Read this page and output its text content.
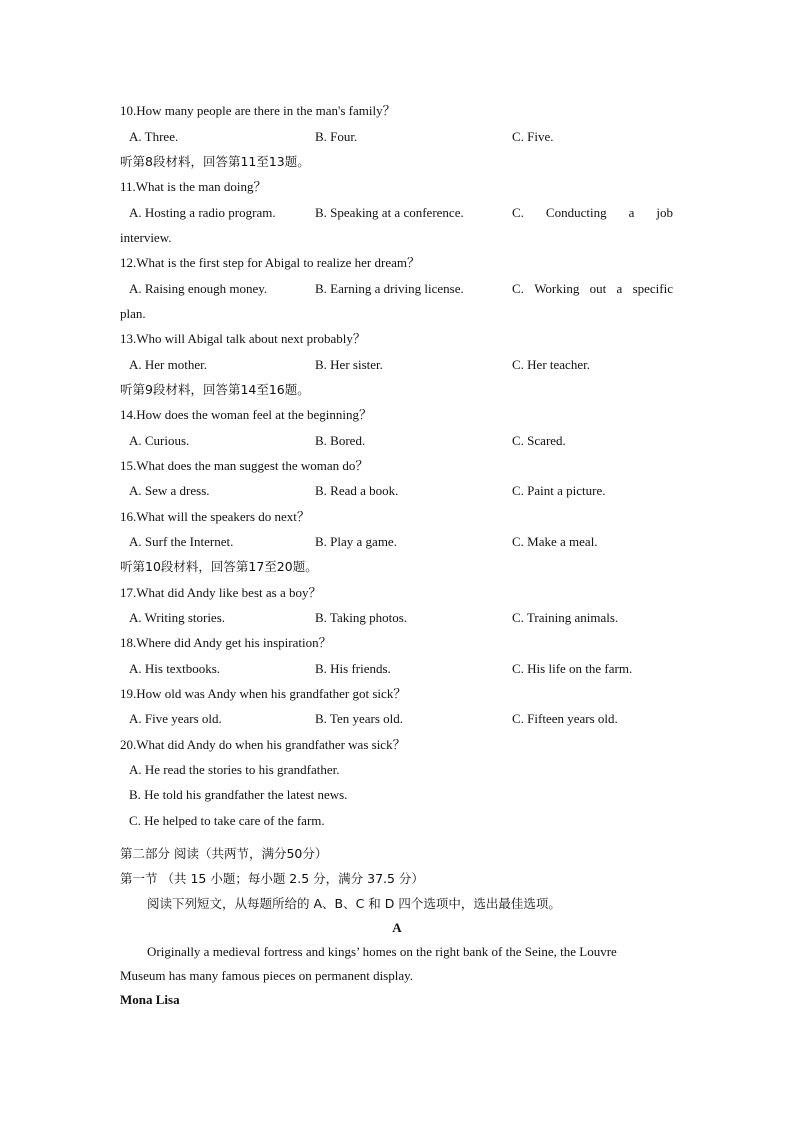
10.How many people are there in the man's family？
A. Three.	B. Four.	C. Five.
听第8段材料，回答第11至13题。
11.What is the man doing？
A. Hosting a radio program.	B. Speaking at a conference.	C. Conducting a job
interview.
12.What is the first step for Abigal to realize her dream？
A. Raising enough money.	B. Earning a driving license.	C. Working out a specific
plan.
13.Who will Abigal talk about next probably？
A. Her mother.	B. Her sister.	C. Her teacher.
听第9段材料，回答第14至16题。
14.How does the woman feel at the beginning？
A. Curious.	B. Bored.	C. Scared.
15.What does the man suggest the woman do？
A. Sew a dress.	B. Read a book.	C. Paint a picture.
16.What will the speakers do next？
A. Surf the Internet.	B. Play a game.	C. Make a meal.
听第10段材料，回答第17至20题。
17.What did Andy like best as a boy？
A. Writing stories.	B. Taking photos.	C. Training animals.
18.Where did Andy get his inspiration？
A. His textbooks.	B. His friends.	C. His life on the farm.
19.How old was Andy when his grandfather got sick？
A. Five years old.	B. Ten years old.	C. Fifteen years old.
20.What did Andy do when his grandfather was sick？
A. He read the stories to his grandfather.
B. He told his grandfather the latest news.
C. He helped to take care of the farm.
第二部分 阅读（共两节，满分50分）
第一节 （共 15 小题；每小题 2.5 分，满分 37.5 分）
阅读下列短文，从每题所给的 A、B、C 和 D 四个选项中，选出最佳选项。
A
Originally a medieval fortress and kings’ homes on the right bank of the Seine, the Louvre
Museum has many famous pieces on permanent display.
Mona Lisa
